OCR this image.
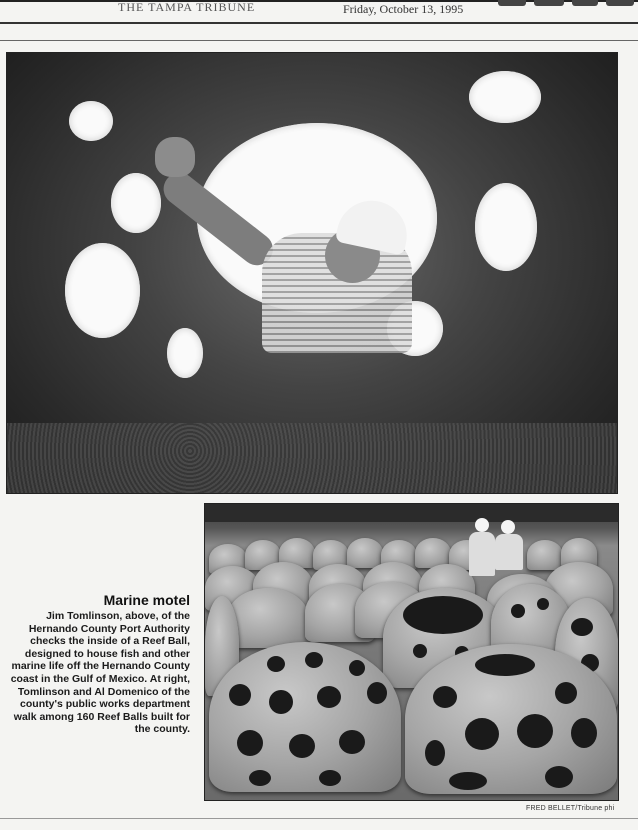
THE TAMPA TRIBUNE	Friday, October 13, 1995
Marine motel
Jim Tomlinson, above, of the
Hernando County Port Authority
checks the inside of a Reef Ball,
designed to house fish and other
marine life off the Hernando County
coast in the Gulf of Mexico. At right,
Tomlinson and Al Domenico of the
county's public works department
walk among 160 Reef Balls built for
the county.
FRED BELLET/Tribune phi
